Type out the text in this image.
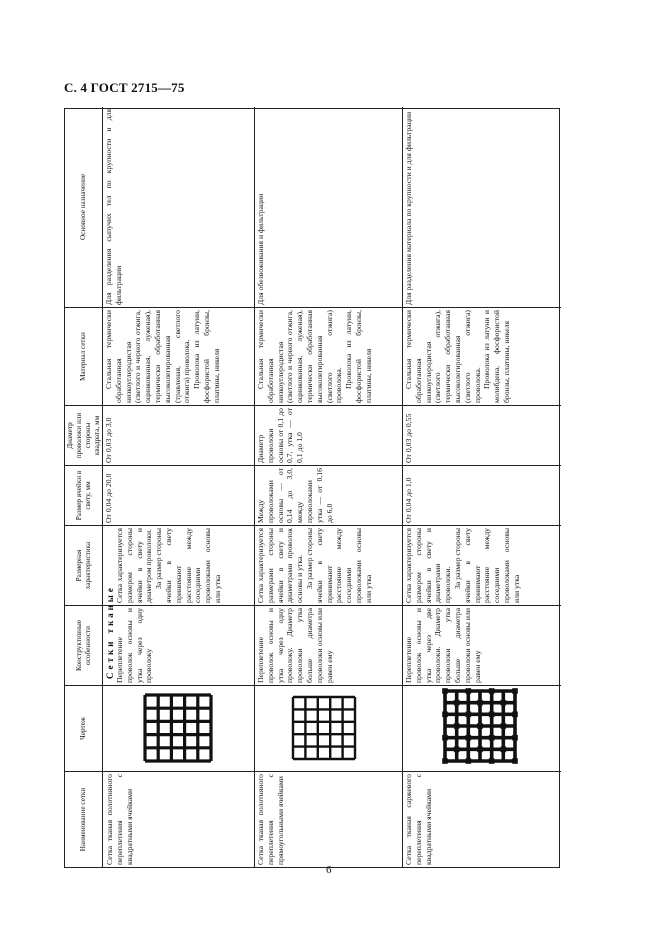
С. 4 ГОСТ 2715—75
Наименование сетки
Чертеж
Конструктивные особенности
Размерная характеристика
Размер ячейки в свету, мм
Диаметр проволоки или стороны квадрата, мм
Материал сетки
Основное назначение
Сетки тканые
Сетка тканая полотняного переплетения с квадратными ячейками
Переплетение проволок основы и утка через одну проволоку
Сетка характеризуется размером стороны ячейки в свету и диаметром проволоки. За размер стороны ячейки в свету принимают расстояние между соседними проволоками основы или утка
От 0,04 до 20,0
От 0,03 до 3,0
Стальная термически обработанная низкоуглеродистая (светлого и черного отжига, оцинкованная, луженая), термически обработанная высоколегированная (травленая, светлого отжига) проволока. Проволока из латуни, фосфористой бронзы, платины, никеля
Для разделения сыпучих тел по крупности и для фильтрации
Сетка тканая полотняного переплетения с прямоугольными ячейками
Переплетение проволок основы и утка через одну проволоку. Диаметр проволоки утка больше диаметра проволоки основы или равен ему
Сетка характеризуется размерами стороны ячейки в свету и диаметрами проволок основы и утка. За размер стороны ячейки в свету принимают расстояние между соседними проволоками основы или утка
Между проволоками основы — от 0,14 до 3,0, между проволоками утка — от 0,16 до 6,0
Диаметр проволоки основы от 0,1 до 0,7, утка — от 0,1 до 1,0
Стальная термически обработанная низкоуглеродистая (светлого и черного отжига, оцинкованная, луженая), термически обработанная высоколегированная (светлого отжига) проволока. Проволока из латуни, фосфористой бронзы, платины, никеля
Для обезвоживания и фильтрации
Сетка тканая саржевого переплетения с квадратными ячейками
Переплетение проволок основы и утка через две проволоки. Диаметр проволоки утка больше диаметра проволоки основы или равен ему
Сетка характеризуется размером стороны ячейки в свету и диаметрами проволоки. За размер стороны ячейки в свету принимают расстояние между соседними проволоками основы или утка
От 0,04 до 1,0
От 0,03 до 0,55
Стальная термически обработанная низкоуглеродистая (светлого отжига), термически обработанная высоколегированная (светлого отжига) проволока. Проволока из латуни и молибдена, фосфористой бронзы, платины, никеля
Для разделения материала по крупности и для фильтрации
6
